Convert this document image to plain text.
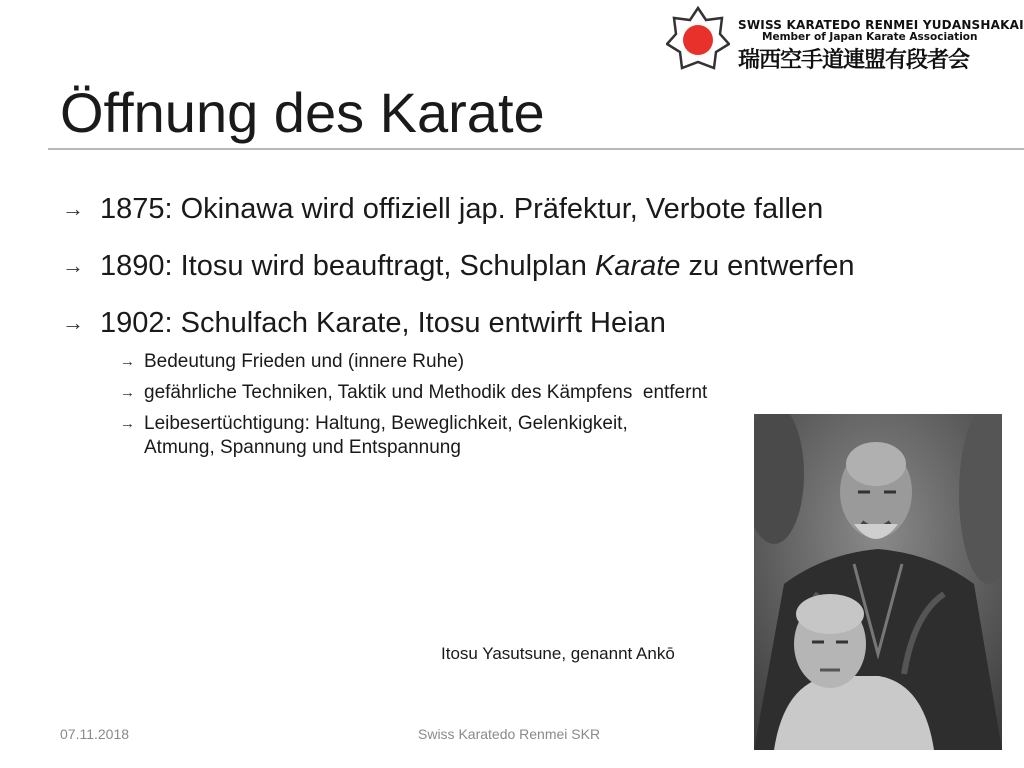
SWISS KARATEDO RENMEI YUDANSHAKAI
Member of Japan Karate Association
瑞西空手道連盟有段者会
Öffnung des Karate
→ 1875: Okinawa wird offiziell jap. Präfektur, Verbote fallen
→ 1890: Itosu wird beauftragt, Schulplan Karate zu entwerfen
→ 1902: Schulfach Karate, Itosu entwirft Heian
→ Bedeutung Frieden und (innere Ruhe)
→ gefährliche Techniken, Taktik und Methodik des Kämpfens  entfernt
→ Leibesertüchtigung: Haltung, Beweglichkeit, Gelenkigkeit,
Atmung, Spannung und Entspannung
Itosu Yasutsune, genannt Ankō
07.11.2018	Swiss Karatedo Renmei SKR
